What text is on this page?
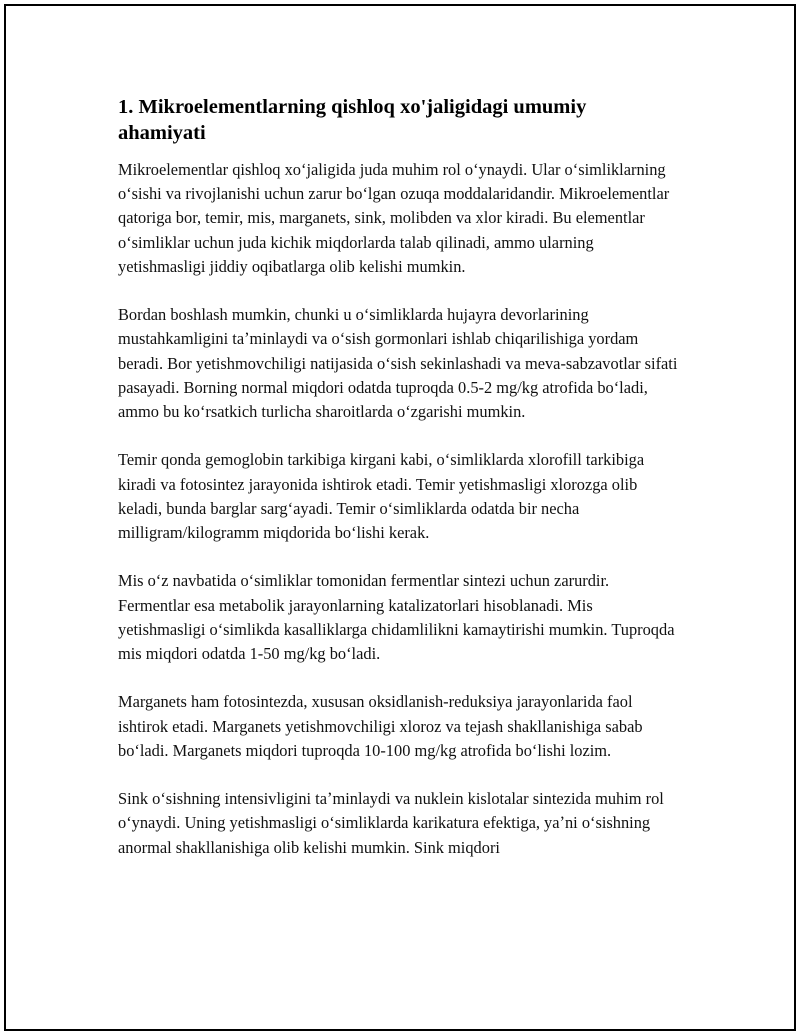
1. Mikroelementlarning qishloq xo'jaligidagi umumiy ahamiyati

Mikroelementlar qishloq xoʻjaligida juda muhim rol oʻynaydi. Ular oʻsimliklarning oʻsishi va rivojlanishi uchun zarur boʻlgan ozuqa moddalaridandir. Mikroelementlar qatoriga bor, temir, mis, marganets, sink, molibden va xlor kiradi. Bu elementlar oʻsimliklar uchun juda kichik miqdorlarda talab qilinadi, ammo ularning yetishmasligi jiddiy oqibatlarga olib kelishi mumkin.

Bordan boshlash mumkin, chunki u oʻsimliklarda hujayra devorlarining mustahkamligini taʼminlaydi va oʻsish gormonlari ishlab chiqarilishiga yordam beradi. Bor yetishmovchiligi natijasida oʻsish sekinlashadi va meva-sabzavotlar sifati pasayadi. Borning normal miqdori odatda tuproqda 0.5-2 mg/kg atrofida boʻladi, ammo bu koʻrsatkich turlicha sharoitlarda oʻzgarishi mumkin.

Temir qonda gemoglobin tarkibiga kirgani kabi, oʻsimliklarda xlorofill tarkibiga kiradi va fotosintez jarayonida ishtirok etadi. Temir yetishmasligi xlorozga olib keladi, bunda barglar sargʻayadi. Temir oʻsimliklarda odatda bir necha milligram/kilogramm miqdorida boʻlishi kerak.

Mis oʻz navbatida oʻsimliklar tomonidan fermentlar sintezi uchun zarurdir. Fermentlar esa metabolik jarayonlarning katalizatorlari hisoblanadi. Mis yetishmasligi oʻsimlikda kasalliklarga chidamlilikni kamaytirishi mumkin. Tuproqda mis miqdori odatda 1-50 mg/kg boʻladi.

Marganets ham fotosintezda, xususan oksidlanish-reduksiya jarayonlarida faol ishtirok etadi. Marganets yetishmovchiligi xloroz va tejash shakllanishiga sabab boʻladi. Marganets miqdori tuproqda 10-100 mg/kg atrofida boʻlishi lozim.

Sink oʻsishning intensivligini taʼminlaydi va nuklein kislotalar sintezida muhim rol oʻynaydi. Uning yetishmasligi oʻsimliklarda karikatura efektiga, yaʼni oʻsishning anormal shakllanishiga olib kelishi mumkin. Sink miqdori
